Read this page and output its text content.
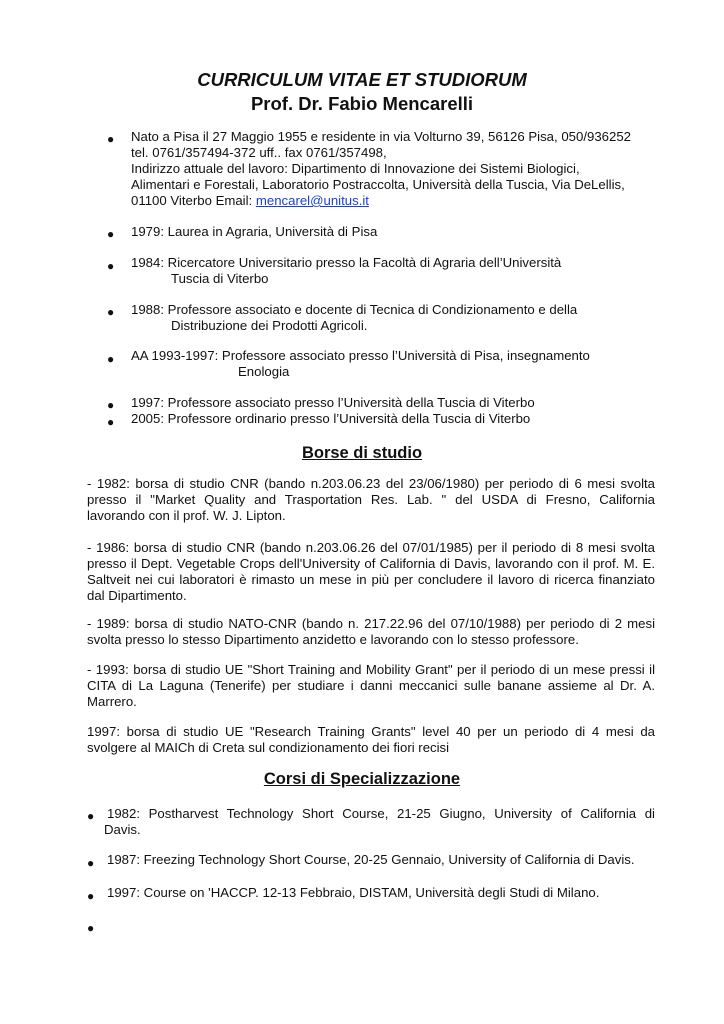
CURRICULUM VITAE ET STUDIORUM
Prof. Dr. Fabio Mencarelli
● Nato a Pisa il 27 Maggio 1955 e residente in via Volturno 39, 56126 Pisa, 050/936252
tel. 0761/357494-372 uff.. fax 0761/357498,
Indirizzo attuale del lavoro: Dipartimento di Innovazione dei Sistemi Biologici,
Alimentari e Forestali, Laboratorio Postraccolta, Università della Tuscia, Via DeLellis,
01100 Viterbo Email: mencarel@unitus.it
● 1979: Laurea in Agraria, Università di Pisa
● 1984: Ricercatore Universitario presso la Facoltà di Agraria dell’Università
Tuscia di Viterbo
● 1988: Professore associato e docente di Tecnica di Condizionamento e della
Distribuzione dei Prodotti Agricoli.
● AA 1993-1997: Professore associato presso l’Università di Pisa, insegnamento
Enologia
● 1997: Professore associato presso l’Università della Tuscia di Viterbo
● 2005: Professore ordinario presso l’Università della Tuscia di Viterbo
Borse di studio
- 1982: borsa di studio CNR (bando n.203.06.23 del 23/06/1980) per periodo di 6 mesi svolta
presso il "Market Quality and Trasportation Res. Lab. " del USDA di Fresno, California
lavorando con il prof. W. J. Lipton.
- 1986: borsa di studio CNR (bando n.203.06.26 del 07/01/1985) per il periodo di 8 mesi svolta
presso il Dept. Vegetable Crops dell'University of California di Davis, lavorando con il prof. M. E.
Saltveit nei cui laboratori è rimasto un mese in più per concludere il lavoro di ricerca finanziato
dal Dipartimento.
- 1989: borsa di studio NATO-CNR (bando n. 217.22.96 del 07/10/1988) per periodo di 2 mesi
svolta presso lo stesso Dipartimento anzidetto e lavorando con lo stesso professore.
- 1993: borsa di studio UE "Short Training and Mobility Grant" per il periodo di un mese pressi il
CITA di La Laguna (Tenerife) per studiare i danni meccanici sulle banane assieme al Dr. A.
Marrero.
1997: borsa di studio UE "Research Training Grants" level 40 per un periodo di 4 mesi da
svolgere al MAICh di Creta sul condizionamento dei fiori recisi
Corsi di Specializzazione
● 1982: Postharvest Technology Short Course, 21-25 Giugno, University of California di
Davis.
● 1987: Freezing Technology Short Course, 20-25 Gennaio, University of California di Davis.
● 1997: Course on 'HACCP. 12-13 Febbraio, DISTAM, Università degli Studi di Milano.
●
